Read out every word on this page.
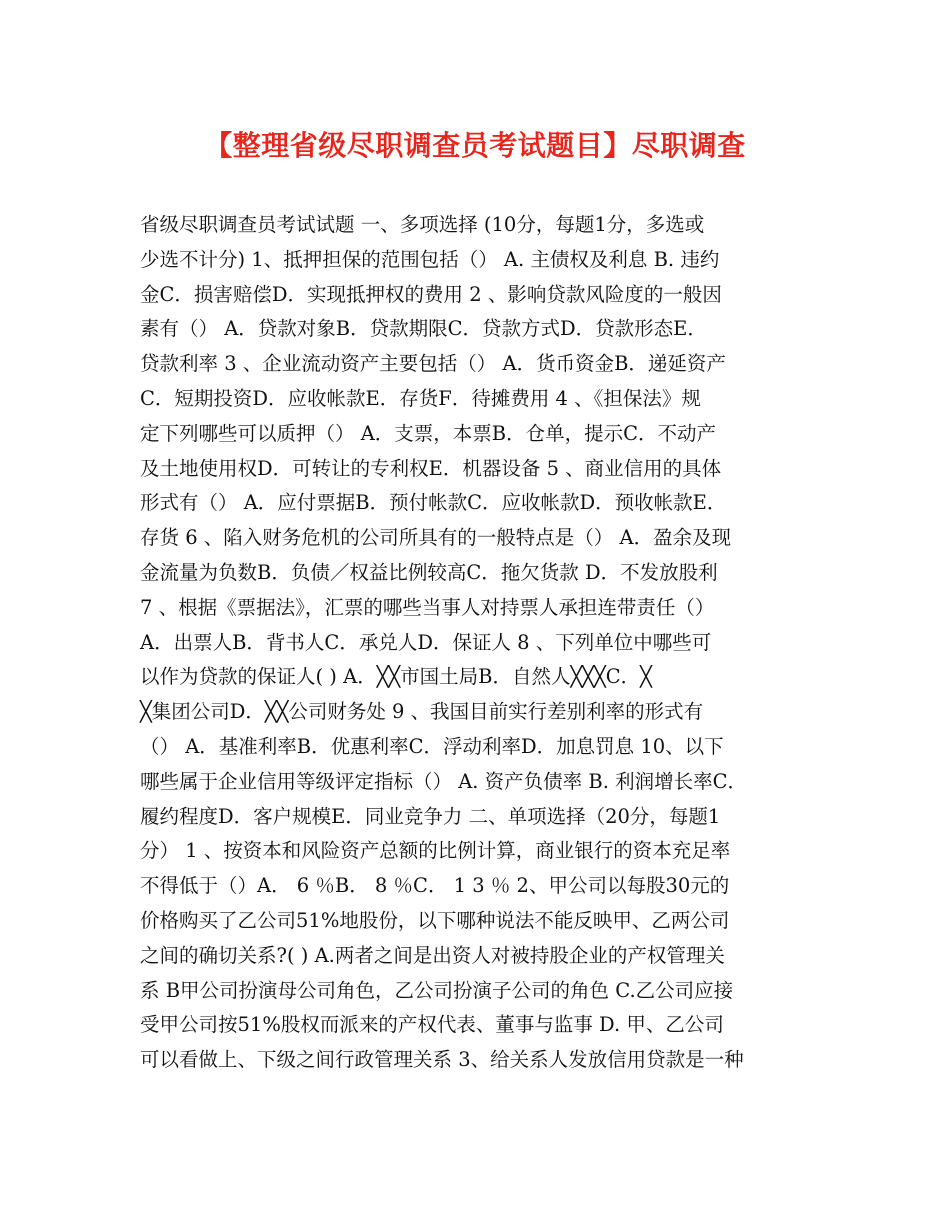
【整理省级尽职调查员考试题目】尽职调查
省级尽职调查员考试试题 一、多项选择 (10分，每题1分，多选或
少选不计分) 1、抵押担保的范围包括（） A. 主债权及利息 B. 违约
金C．损害赔偿D．实现抵押权的费用 2 、影响贷款风险度的一般因
素有（） A．贷款对象B．贷款期限C．贷款方式D．贷款形态E．
贷款利率 3 、企业流动资产主要包括（） A．货币资金B．递延资产
C．短期投资D．应收帐款E．存货F．待摊费用 4 、《担保法》规
定下列哪些可以质押（） A．支票，本票B．仓单，提示C．不动产
及土地使用权D．可转让的专利权E．机器设备 5 、商业信用的具体
形式有（） A．应付票据B．预付帐款C．应收帐款D．预收帐款E．
存货 6 、陷入财务危机的公司所具有的一般特点是（） A．盈余及现
金流量为负数B．负债／权益比例较高C．拖欠货款 D．不发放股利
7 、根据《票据法》，汇票的哪些当事人对持票人承担连带责任（）
A．出票人B．背书人C．承兑人D．保证人 8 、下列单位中哪些可
以作为贷款的保证人( ) A．╳╳市国土局B．自然人╳╳╳C．╳
╳集团公司D．╳╳公司财务处 9 、我国目前实行差别利率的形式有
（） A．基准利率B．优惠利率C．浮动利率D．加息罚息 10、以下
哪些属于企业信用等级评定指标（） A. 资产负债率 B. 利润增长率C．
履约程度D．客户规模E．同业竞争力 二、单项选择（20分，每题1
分） 1 、按资本和风险资产总额的比例计算，商业银行的资本充足率
不得低于（）A． 6 ％B． 8 ％C． 1 3 ％ 2、甲公司以每股30元的
价格购买了乙公司51%地股份，以下哪种说法不能反映甲、乙两公司
之间的确切关系?( ) A.两者之间是出资人对被持股企业的产权管理关
系 B甲公司扮演母公司角色，乙公司扮演子公司的角色 C.乙公司应接
受甲公司按51%股权而派来的产权代表、董事与监事 D. 甲、乙公司
可以看做上、下级之间行政管理关系 3、给关系人发放信用贷款是一种
